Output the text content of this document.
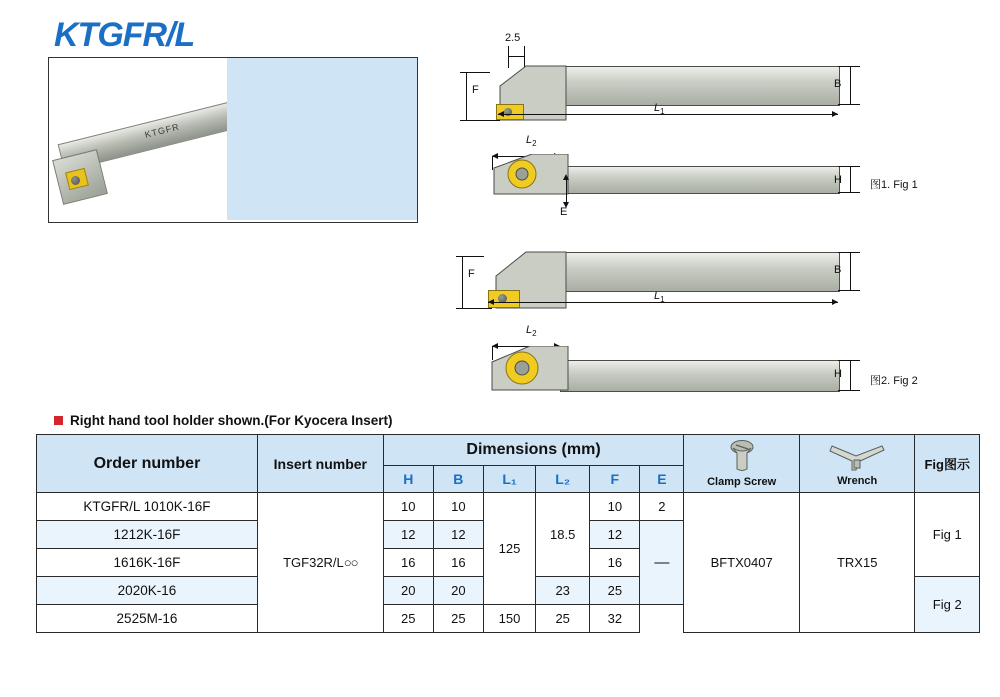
KTGFR/L
KTGFR
2.5
F	B
$L_1$
$L_2$
H
E
图1. Fig 1
F	B
$L_1$
$L_2$
H
图2. Fig 2
Right hand tool holder shown.(For Kyocera Insert)
Order number	Insert number	Dimensions (mm)						Clamp Screw	Wrench	Fig图示
		H	B	L₁	L₂	F	E			
KTGFR/L 1010K-16F	TGF32R/L○○	10	10	125	18.5	10	2	BFTX0407	TRX15	Fig 1
1212K-16F		12	12			12	—			
1616K-16F		16	16			16				
2020K-16		20	20		23	25				Fig 2
2525M-16		25	25	150	25	32				
